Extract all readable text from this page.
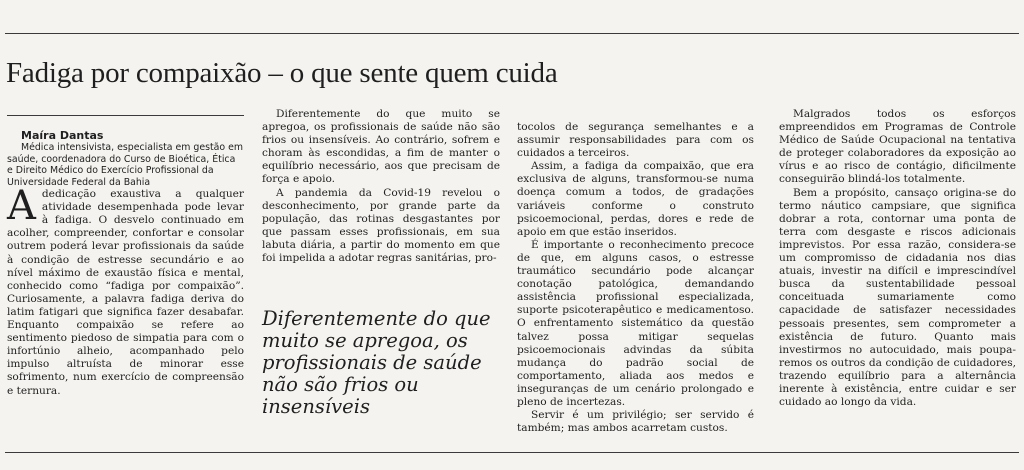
Fadiga por compaixão – o que sente quem cuida

Maíra Dantas

Médica intensivista, especialista em gestão em saúde, coordenadora do Curso de Bioética, Ética e Direito Médico do Exercício Profissional da Universidade Federal da Bahia

Adedicação exaustiva a qualquer atividade desempenhada pode levar à fadiga. O desvelo continuado em acolher, compreender, confortar e consolar outrem poderá levar profissionais da saúde à condição de estresse secundário e ao nível máximo de exaustão física e mental, conhecido como “fadiga por compaixão”. Curiosamente, a palavra fadiga deriva do latim fatigari que significa fazer desabafar. Enquanto compaixão se refere ao sentimento piedoso de simpatia para com o infortúnio alheio, acompanhado pelo impulso altruísta de minorar esse sofrimento, num exercício de compreensão e ternura.

Diferentemente do que muito se apregoa, os profissionais de saúde não são frios ou insensíveis. Ao contrário, sofrem e choram às escondidas, a fim de manter o equilíbrio necessário, aos que precisam de força e apoio.

A pandemia da Covid-19 revelou o desconhecimento, por grande parte da população, das rotinas desgastantes por que passam esses profissionais, em sua labuta diária, a partir do momento em que foi impelida a adotar regras sanitárias, pro-

Diferentemente do que muito se apregoa, os profissionais de saúde não são frios ou insensíveis

tocolos de segurança semelhantes e a assumir responsabilidades para com os cuidados a terceiros.

Assim, a fadiga da compaixão, que era exclusiva de alguns, transformou-se numa doença comum a todos, de gradações variáveis conforme o construto psicoemocional, perdas, dores e rede de apoio em que estão inseridos.

É importante o reconhecimento precoce de que, em alguns casos, o estresse traumático secundário pode alcançar conotação patológica, demandando assistência profissional especializada, suporte psicoterapêutico e medicamentoso. O enfrentamento sistemático da questão talvez possa mitigar sequelas psicoemocionais advindas da súbita mudança do padrão social de comportamento, aliada aos medos e inseguranças de um cenário prolongado e pleno de incertezas.

Servir é um privilégio; ser servido é também; mas ambos acarretam custos.

Malgrados todos os esforços empreendidos em Programas de Controle Médico de Saúde Ocupacional na tentativa de proteger colaboradores da exposição ao vírus e ao risco de contágio, dificilmente conseguirão blindá-los totalmente.

Bem a propósito, cansaço origina-se do termo náutico campsiare, que significa dobrar a rota, contornar uma ponta de terra com desgaste e riscos adicionais imprevistos. Por essa razão, considera-se um compromisso de cidadania nos dias atuais, investir na difícil e imprescindível busca da sustentabilidade pessoal conceituada sumariamente como capacidade de satisfazer necessidades pessoais presentes, sem comprometer a existência de futuro. Quanto mais investirmos no autocuidado, mais pouparemos os outros da condição de cuidadores, trazendo equilíbrio para a alternância inerente à existência, entre cuidar e ser cuidado ao longo da vida.
